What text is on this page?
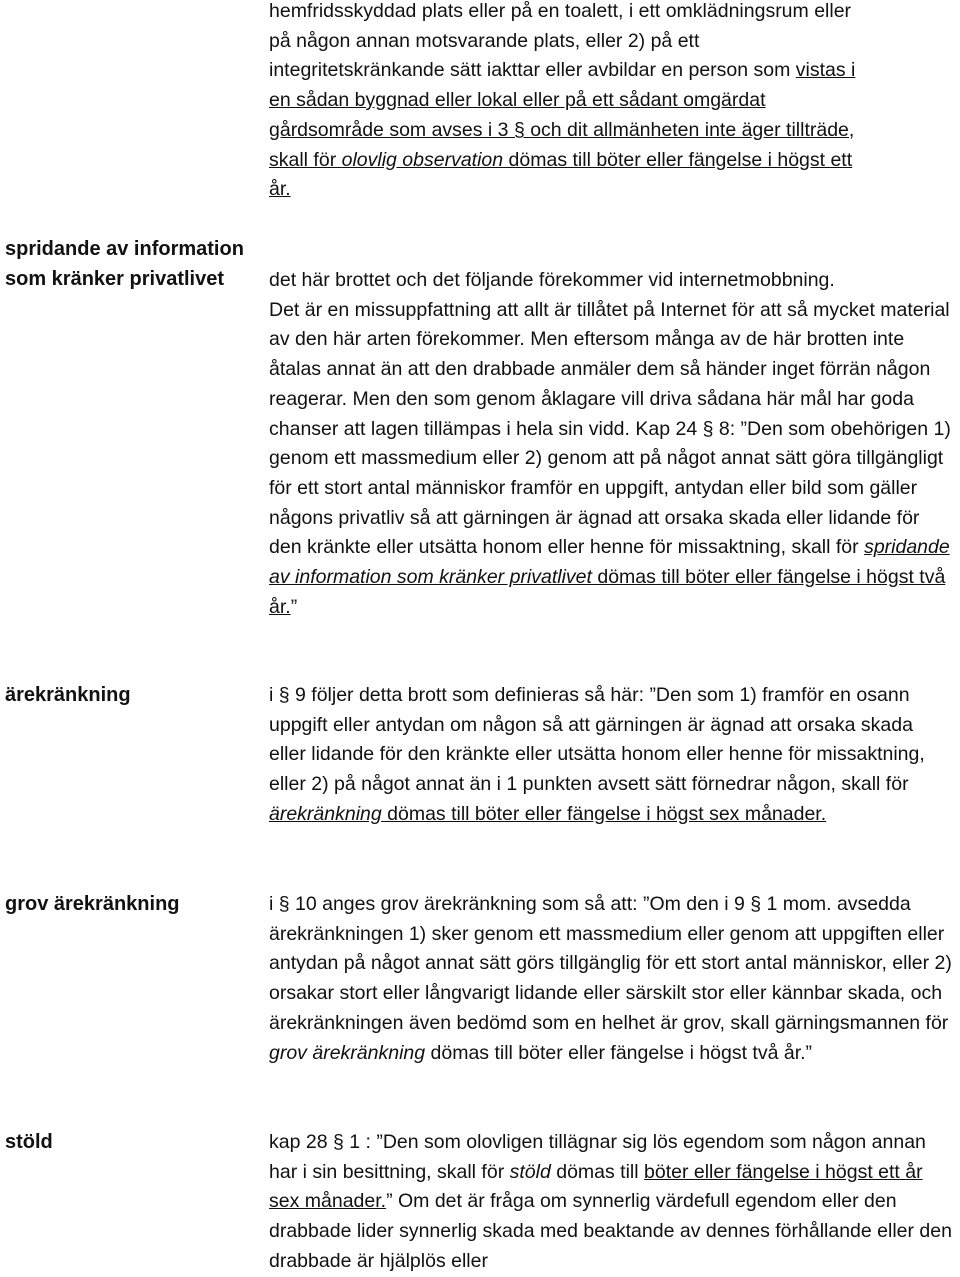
hemfridsskyddad plats eller på en toalett, i ett omklädningsrum eller
på någon annan motsvarande plats, eller 2) på ett
integritetskränkande sätt iakttar eller avbildar en person som vistas i
en sådan byggnad eller lokal eller på ett sådant omgärdat
gårdsområde som avses i 3 § och dit allmänheten inte äger tillträde,
skall för olovlig observation dömas till böter eller fängelse i högst ett
år.

spridande av information
som kränker privatlivet	det här brottet och det följande förekommer vid internetmobbning.
Det är en missuppfattning att allt är tillåtet på Internet för att så mycket material av den här arten förekommer. Men eftersom många av de här brotten inte åtalas annat än att den drabbade anmäler dem så händer inget förrän någon reagerar. Men den som genom åklagare vill driva sådana här mål har goda chanser att lagen tillämpas i hela sin vidd. Kap 24 § 8: ”Den som obehörigen 1) genom ett massmedium eller 2) genom att på något annat sätt göra tillgängligt för ett stort antal människor framför en uppgift, antydan eller bild som gäller någons privatliv så att gärningen är ägnad att orsaka skada eller lidande för den kränkte eller utsätta honom eller henne för missaktning, skall för spridande av information som kränker privatlivet dömas till böter eller fängelse i högst två år.”

ärekränkning	i § 9 följer detta brott som definieras så här: ”Den som 1) framför en osann uppgift eller antydan om någon så att gärningen är ägnad att orsaka skada eller lidande för den kränkte eller utsätta honom eller henne för missaktning, eller 2) på något annat än i 1 punkten avsett sätt förnedrar någon, skall för ärekränkning dömas till böter eller fängelse i högst sex månader.

grov ärekränkning	i § 10 anges grov ärekränkning som så att: ”Om den i 9 § 1 mom. avsedda ärekränkningen 1) sker genom ett massmedium eller genom att uppgiften eller antydan på något annat sätt görs tillgänglig för ett stort antal människor, eller 2) orsakar stort eller långvarigt lidande eller särskilt stor eller kännbar skada, och ärekränkningen även bedömd som en helhet är grov, skall gärningsmannen för grov ärekränkning dömas till böter eller fängelse i högst två år.”

stöld	kap 28 § 1 : ”Den som olovligen tillägnar sig lös egendom som någon annan har i sin besittning, skall för stöld dömas till böter eller fängelse i högst ett år sex månader.” Om det är fråga om synnerlig värdefull egendom eller den drabbade lider synnerlig skada med beaktande av dennes förhållande eller den drabbade är hjälplös eller
